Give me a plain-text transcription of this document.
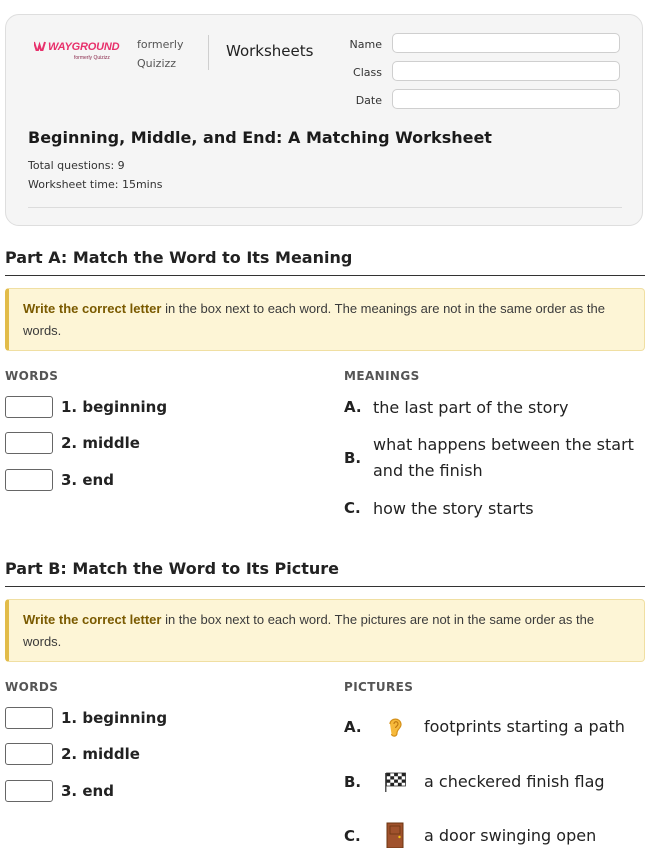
WAYGROUND
formerly Quizizz
formerly
Quizizz
Worksheets	Name
Class
Date
Beginning, Middle, and End: A Matching Worksheet
Total questions: 9
Worksheet time: 15mins
Part A: Match the Word to Its Meaning
Write the correct letter in the box next to each word. The meanings are not in the same order as the words.
WORDS	MEANINGS
1. beginning
2. middle
3. end
A. the last part of the story
B.
what happens between the start and the finish
C. how the story starts
Part B: Match the Word to Its Picture
Write the correct letter in the box next to each word. The pictures are not in the same order as the words.
WORDS	PICTURES
1. beginning
2. middle
3. end
A.	footprints starting a path
B.	a checkered finish flag
C.	a door swinging open
